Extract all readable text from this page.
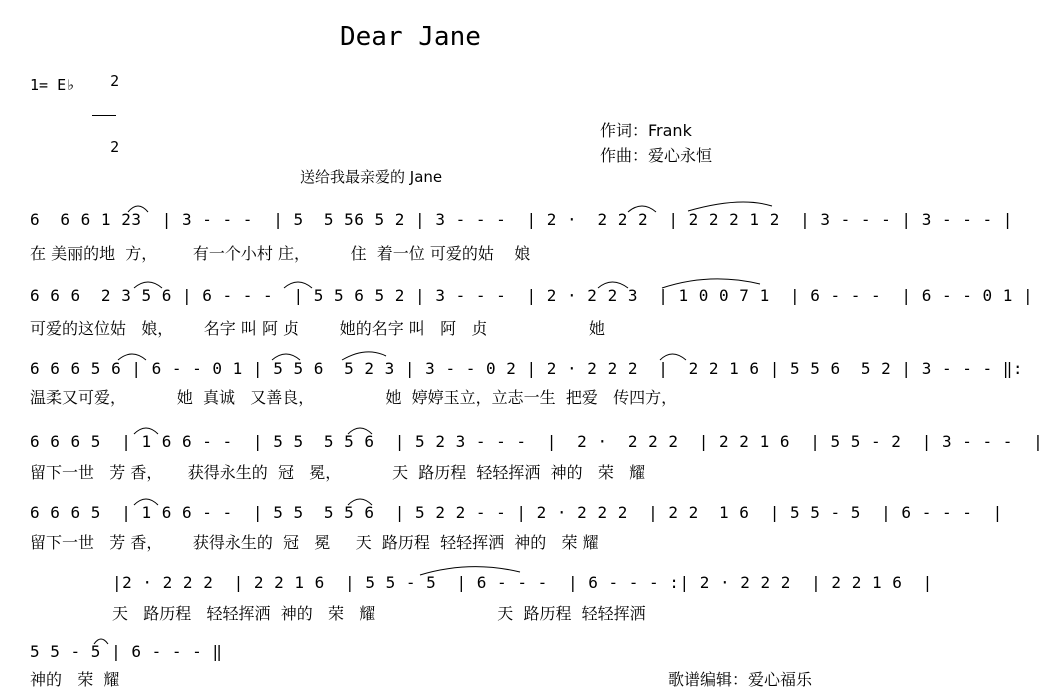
Dear Jane
1= E♭	2

2

作词：Frank
作曲：爱心永恒
送给我最亲爱的 Jane
6  6 6 1 23  | 3 - - -  | 5  5 56 5 2 | 3 - - -  | 2 ·  2 2 2  | 2 2 2 1 2  | 3 - - - | 3 - - - |
在 美丽的地  方，       有一个小村 庄，        住  着一位 可爱的姑    娘
6 6 6  2 3 5 6 | 6 - - -  | 5 5 6 5 2 | 3 - - -  | 2 · 2 2 3  | 1 0 0 7 1  | 6 - - -  | 6 - - 0 1 |
可爱的这位姑   娘，      名字 叫 阿 贞        她的名字 叫   阿   贞                    她
6 6 6 5 6 | 6 - - 0 1 | 5 5 6  5 2 3 | 3 - - 0 2 | 2 · 2 2 2  |  2 2 1 6 | 5 5 6  5 2 | 3 - - - ‖:
温柔又可爱，          她  真诚   又善良，              她  婷婷玉立，立志一生  把爱   传四方，
6 6 6 5  | 1 6 6 - -  | 5 5  5 5 6  | 5 2 3 - - -  |  2 ·  2 2 2  | 2 2 1 6  | 5 5 - 2  | 3 - - -  |
留下一世   芳 香，     获得永生的  冠   冕，          天  路历程  轻轻挥洒  神的   荣   耀
6 6 6 5  | 1 6 6 - -  | 5 5  5 5 6  | 5 2 2 - - | 2 · 2 2 2  | 2 2  1 6  | 5 5 - 5  | 6 - - -  |
留下一世   芳 香，      获得永生的  冠   冕     天  路历程  轻轻挥洒  神的   荣 耀
|2 · 2 2 2  | 2 2 1 6  | 5 5 - 5  | 6 - - -  | 6 - - - :| 2 · 2 2 2  | 2 2 1 6  |
天   路历程   轻轻挥洒  神的   荣   耀                        天  路历程  轻轻挥洒
5 5 - 5 | 6 - - - ‖
神的   荣  耀	歌谱编辑：爱心福乐
